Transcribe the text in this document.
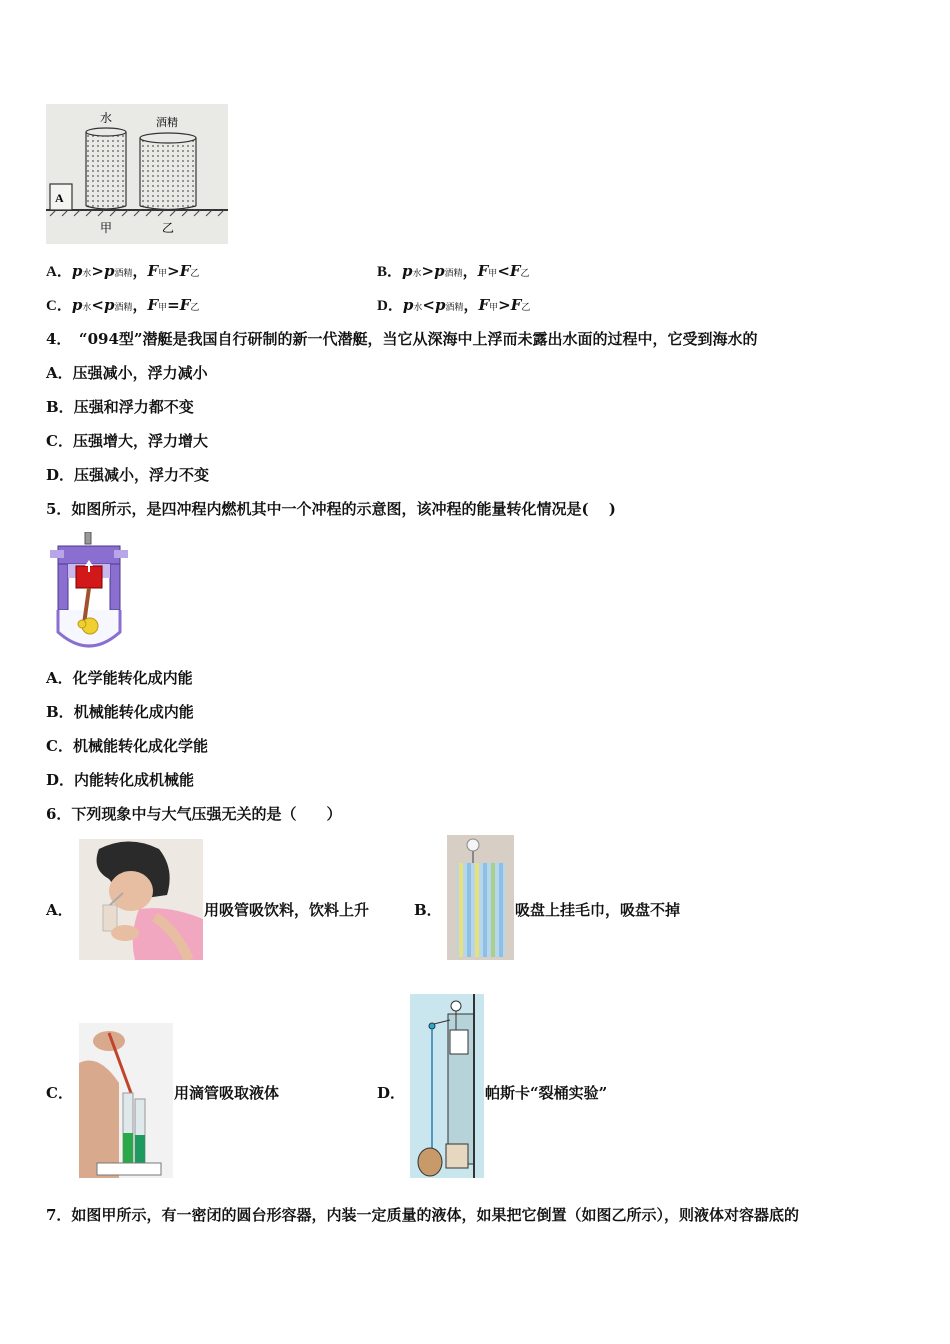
A
水	酒精
甲	乙
A．p水>p酒精，F甲>F乙	B．p水>p酒精，F甲<F乙
C．p水<p酒精，F甲=F乙	D．p水<p酒精，F甲>F乙
4．　“094型”潜艇是我国自行研制的新一代潜艇，当它从深海中上浮而未露出水面的过程中，它受到海水的
A．压强减小，浮力减小
B．压强和浮力都不变
C．压强增大，浮力增大
D．压强减小，浮力不变
5．如图所示，是四冲程内燃机其中一个冲程的示意图，该冲程的能量转化情况是(　 )
A．化学能转化成内能
B．机械能转化成内能
C．机械能转化成化学能
D．内能转化成机械能
6．下列现象中与大气压强无关的是（　　）
A．	用吸管吸饮料，饮料上升	B．	吸盘上挂毛巾，吸盘不掉
C．	用滴管吸取液体	D．	帕斯卡“裂桶实验”
7．如图甲所示，有一密闭的圆台形容器，内装一定质量的液体，如果把它倒置（如图乙所示），则液体对容器底的
